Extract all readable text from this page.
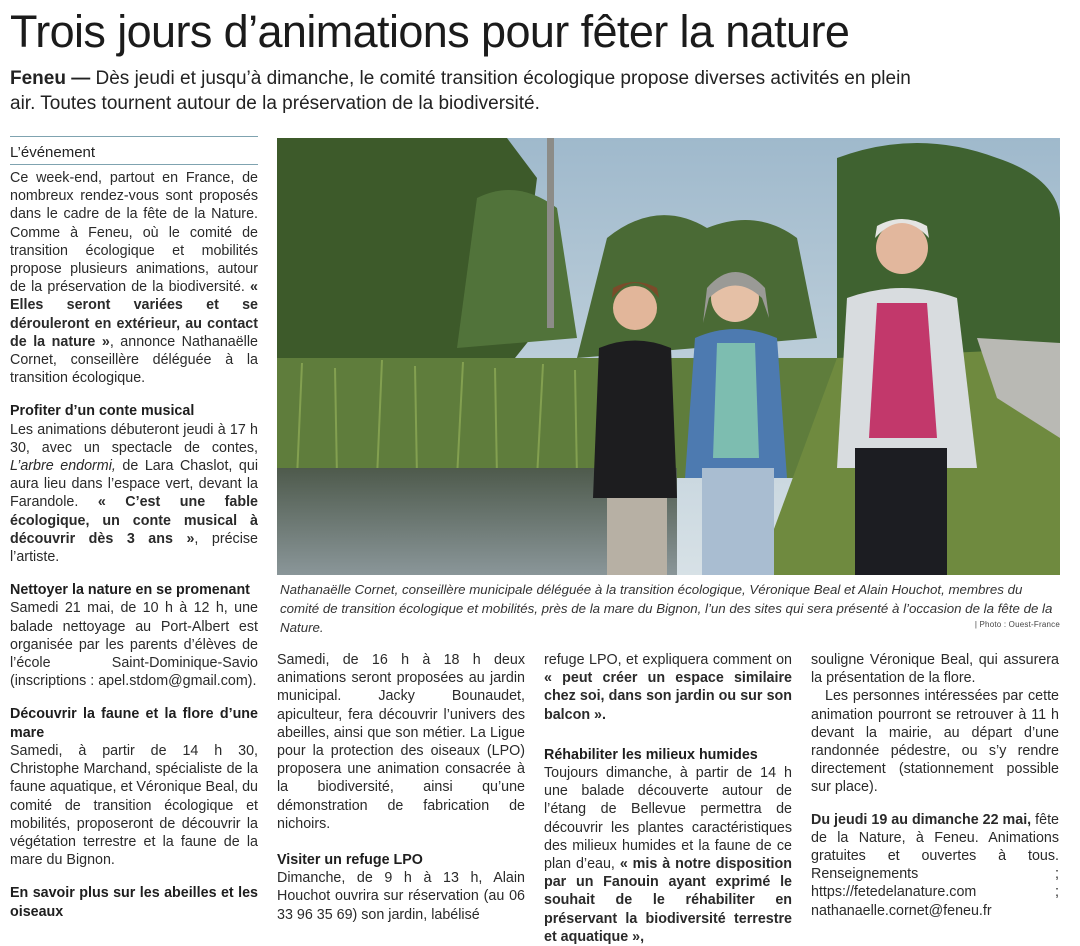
Trois jours d’animations pour fêter la nature
Feneu — Dès jeudi et jusqu’à dimanche, le comité transition écologique propose diverses activités en plein air. Toutes tournent autour de la préservation de la biodiversité.
L’événement

Ce week-end, partout en France, de nombreux rendez-vous sont proposés dans le cadre de la fête de la Nature. Comme à Feneu, où le comité de transition écologique et mobilités propose plusieurs animations, autour de la préservation de la biodiversité. « Elles seront variées et se dérouleront en extérieur, au contact de la nature », annonce Nathanaëlle Cornet, conseillère déléguée à la transition écologique.

Profiter d’un conte musical

Les animations débuteront jeudi à 17 h 30, avec un spectacle de contes, L’arbre endormi, de Lara Chaslot, qui aura lieu dans l’espace vert, devant la Farandole. « C’est une fable écologique, un conte musical à découvrir dès 3 ans », précise l’artiste.

Nettoyer la nature en se promenant

Samedi 21 mai, de 10 h à 12 h, une balade nettoyage au Port-Albert est organisée par les parents d’élèves de l’école Saint-Dominique-Savio (inscriptions : apel.stdom@gmail.com).

Découvrir la faune et la flore d’une mare

Samedi, à partir de 14 h 30, Christophe Marchand, spécialiste de la faune aquatique, et Véronique Beal, du comité de transition écologique et mobilités, proposeront de découvrir la végétation terrestre et la faune de la mare du Bignon.

En savoir plus sur les abeilles et les oiseaux

Nathanaëlle Cornet, conseillère municipale déléguée à la transition écologique, Véronique Beal et Alain Houchot, membres du comité de transition écologique et mobilités, près de la mare du Bignon, l’un des sites qui sera présenté à l’occasion de la fête de la Nature.	| Photo : Ouest-France

Samedi, de 16 h à 18 h deux animations seront proposées au jardin municipal. Jacky Bounaudet, apiculteur, fera découvrir l’univers des abeilles, ainsi que son métier. La Ligue pour la protection des oiseaux (LPO) proposera une animation consacrée à la biodiversité, ainsi qu’une démonstration de fabrication de nichoirs.

Visiter un refuge LPO

Dimanche, de 9 h à 13 h, Alain Houchot ouvrira sur réservation (au 06 33 96 35 69) son jardin, labélisé

refuge LPO, et expliquera comment on « peut créer un espace similaire chez soi, dans son jardin ou sur son balcon ».

Réhabiliter les milieux humides

Toujours dimanche, à partir de 14 h une balade découverte autour de l’étang de Bellevue permettra de découvrir les plantes caractéristiques des milieux humides et la faune de ce plan d’eau, « mis à notre disposition par un Fanouin ayant exprimé le souhait de le réhabiliter en préservant la biodiversité terrestre et aquatique »,

souligne Véronique Beal, qui assurera la présentation de la flore.

Les personnes intéressées par cette animation pourront se retrouver à 11 h devant la mairie, au départ d’une randonnée pédestre, ou s’y rendre directement (stationnement possible sur place).

Du jeudi 19 au dimanche 22 mai, fête de la Nature, à Feneu. Animations gratuites et ouvertes à tous. Renseignements ; https://fetedelanature.com ; nathanaelle.cornet@feneu.fr
